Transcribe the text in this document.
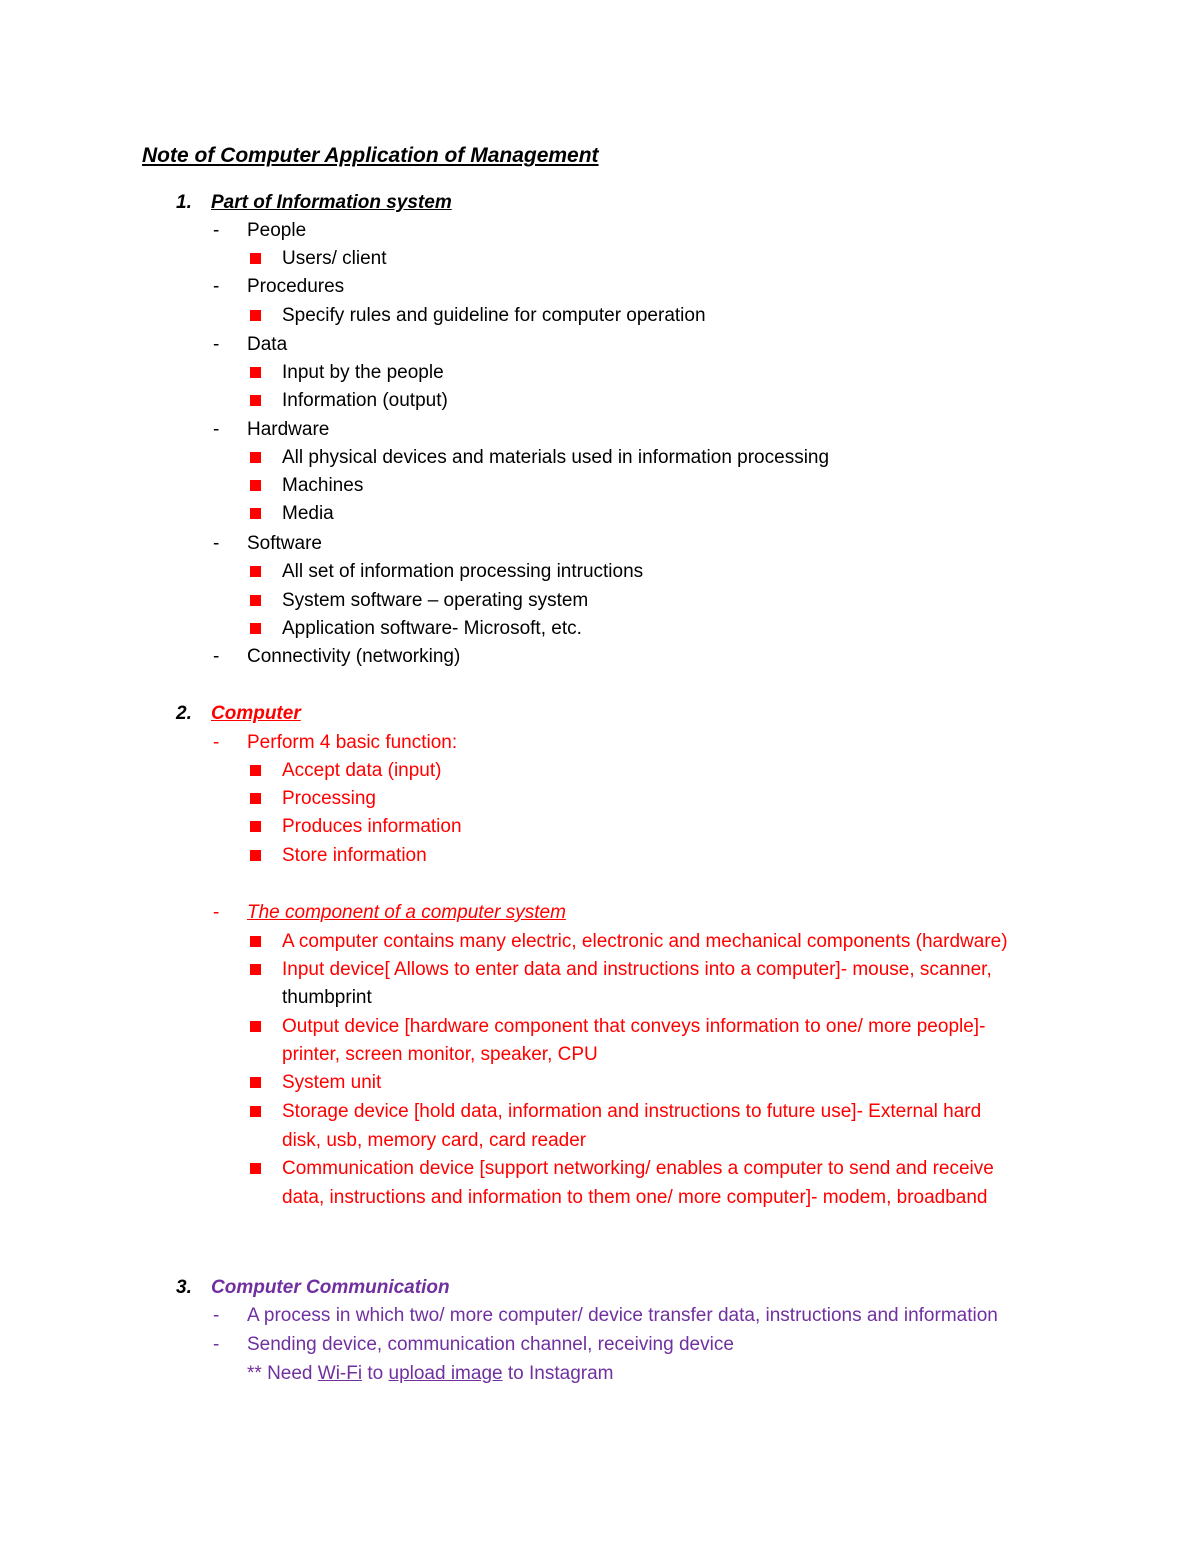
Note of Computer Application of Management
1. Part of Information system
- People
Users/ client
- Procedures
Specify rules and guideline for computer operation
- Data
Input by the people
Information (output)
- Hardware
All physical devices and materials used in information processing
Machines
Media
- Software
All set of information processing intructions
System software – operating system
Application software- Microsoft, etc.
- Connectivity (networking)
2. Computer
- Perform 4 basic function:
Accept data (input)
Processing
Produces information
Store information
- The component of a computer system
A computer contains many electric, electronic and mechanical components (hardware)
Input device[ Allows to enter data and instructions into a computer]- mouse, scanner,
thumbprint
Output device [hardware component that conveys information to one/ more people]-
printer, screen monitor, speaker, CPU
System unit
Storage device [hold data, information and instructions to future use]- External hard
disk, usb, memory card, card reader
Communication device [support networking/ enables a computer to send and receive
data, instructions and information to them one/ more computer]- modem, broadband
3. Computer Communication
- A process in which two/ more computer/ device transfer data, instructions and information
- Sending device, communication channel, receiving device
** Need Wi-Fi to upload image to Instagram
